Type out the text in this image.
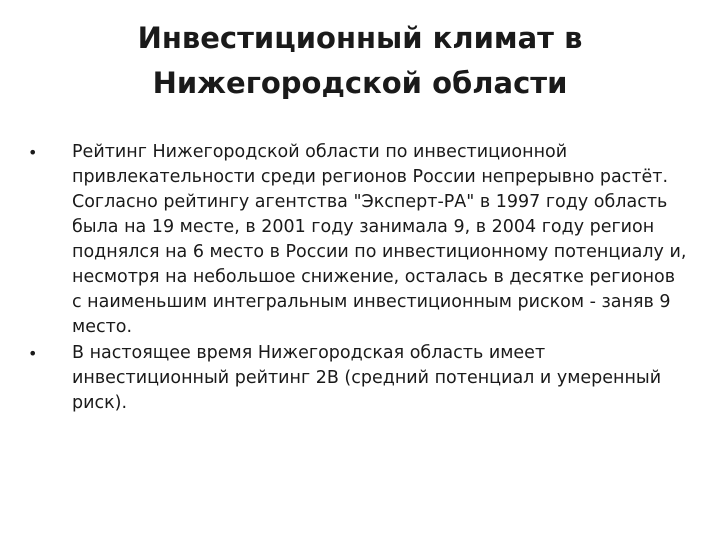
Инвестиционный климат в Нижегородской области
•	Рейтинг Нижегородской области по инвестиционной привлекательности среди регионов России непрерывно растёт. Согласно рейтингу агентства "Эксперт-РА" в 1997 году область была на 19 месте, в 2001 году занимала 9, в 2004 году регион поднялся на 6 место в России по инвестиционному потенциалу и, несмотря на небольшое снижение, осталась в десятке регионов с наименьшим интегральным инвестиционным риском - заняв 9 место.
•	В настоящее время Нижегородская область имеет инвестиционный рейтинг 2В (средний потенциал и умеренный риск).
